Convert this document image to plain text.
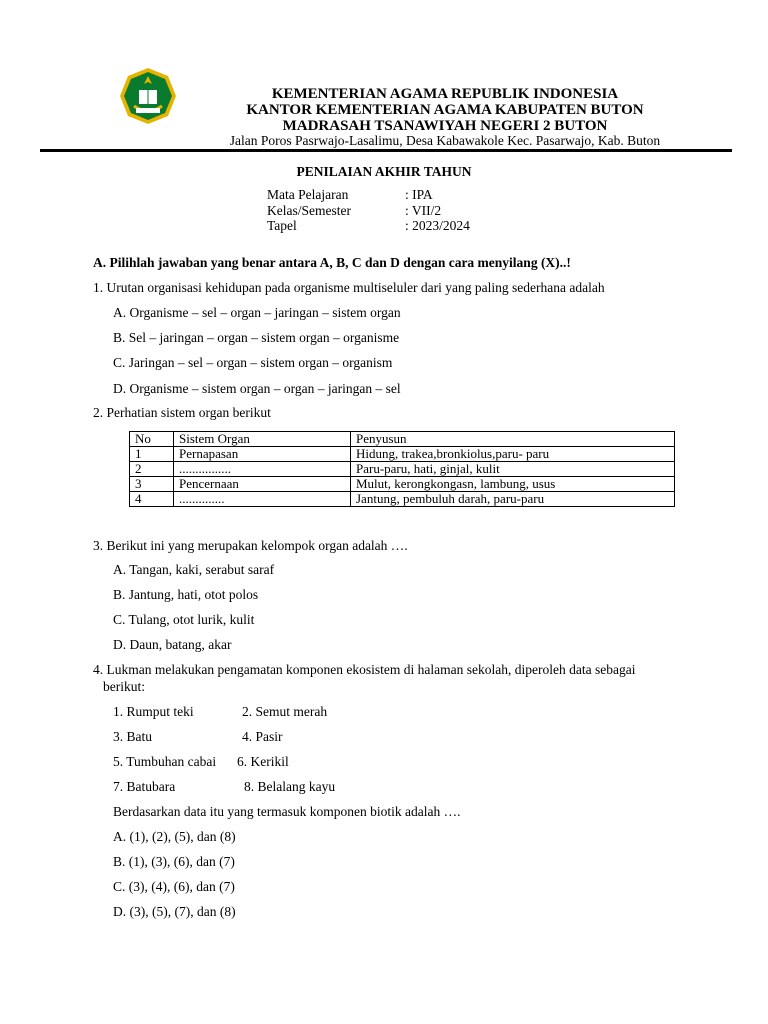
KEMENTERIAN AGAMA REPUBLIK INDONESIA
KANTOR KEMENTERIAN AGAMA KABUPATEN BUTON
MADRASAH TSANAWIYAH NEGERI 2 BUTON
Jalan Poros Pasrwajo-Lasalimu, Desa Kabawakole Kec. Pasarwajo, Kab. Buton
PENILAIAN AKHIR TAHUN
Mata Pelajaran	: IPA
Kelas/Semester	: VII/2
Tapel	: 2023/2024
A. Pilihlah jawaban yang benar antara A, B, C dan D dengan cara menyilang (X)..!
1. Urutan organisasi kehidupan pada organisme multiseluler dari yang paling sederhana adalah
A. Organisme – sel – organ – jaringan – sistem organ
B. Sel – jaringan – organ – sistem organ – organisme
C. Jaringan – sel – organ – sistem organ – organism
D. Organisme – sistem organ – organ – jaringan – sel
2. Perhatian sistem organ berikut
No	Sistem Organ	Penyusun
1	Pernapasan	Hidung, trakea,bronkiolus,paru- paru
2	................	Paru-paru, hati, ginjal, kulit
3	Pencernaan	Mulut, kerongkongasn, lambung, usus
4	..............	Jantung, pembuluh darah, paru-paru
3. Berikut ini yang merupakan kelompok organ adalah ….
A. Tangan, kaki, serabut saraf
B. Jantung, hati, otot polos
C. Tulang, otot lurik, kulit
D. Daun, batang, akar
4. Lukman melakukan pengamatan komponen ekosistem di halaman sekolah, diperoleh data sebagai
berikut:
1. Rumput teki	2. Semut merah
3. Batu	4. Pasir
5. Tumbuhan cabai 6. Kerikil
7. Batubara	8. Belalang kayu
Berdasarkan data itu yang termasuk komponen biotik adalah ….
A. (1), (2), (5), dan (8)
B. (1), (3), (6), dan (7)
C. (3), (4), (6), dan (7)
D. (3), (5), (7), dan (8)
